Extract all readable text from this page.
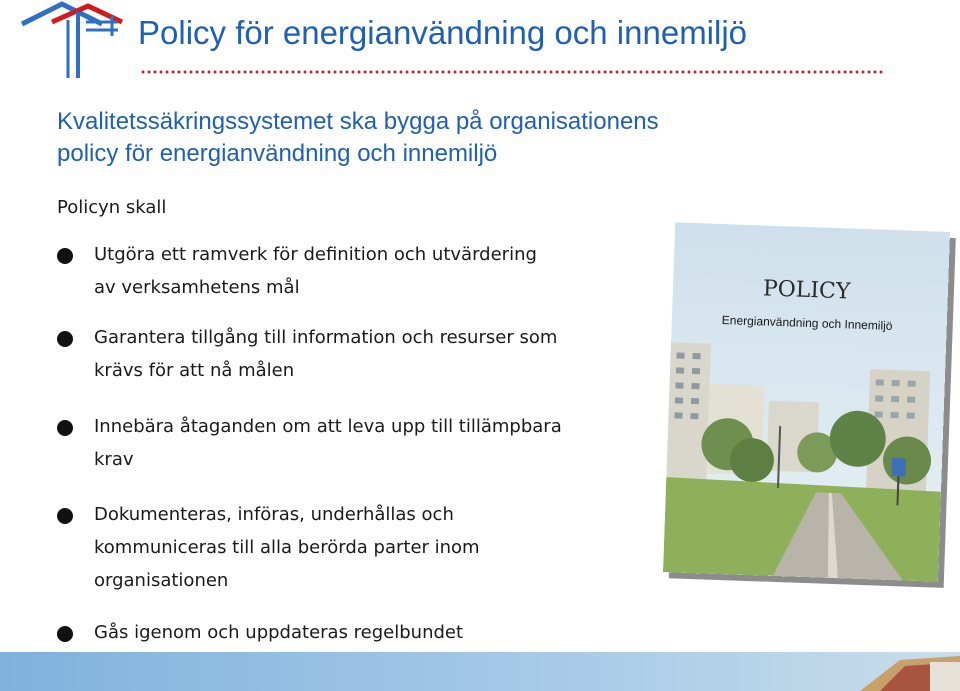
Policy för energianvändning och innemiljö
Kvalitetssäkringssystemet ska bygga på organisationens
policy för energianvändning och innemiljö
Policyn skall
Utgöra ett ramverk för definition och utvärdering
av verksamhetens mål
Garantera tillgång till information och resurser som
krävs för att nå målen
Innebära åtaganden om att leva upp till tillämpbara
krav
Dokumenteras, införas, underhållas och
kommuniceras till alla berörda parter inom
organisationen
Gås igenom och uppdateras regelbundet
POLICY
Energianvändning och Innemiljö
